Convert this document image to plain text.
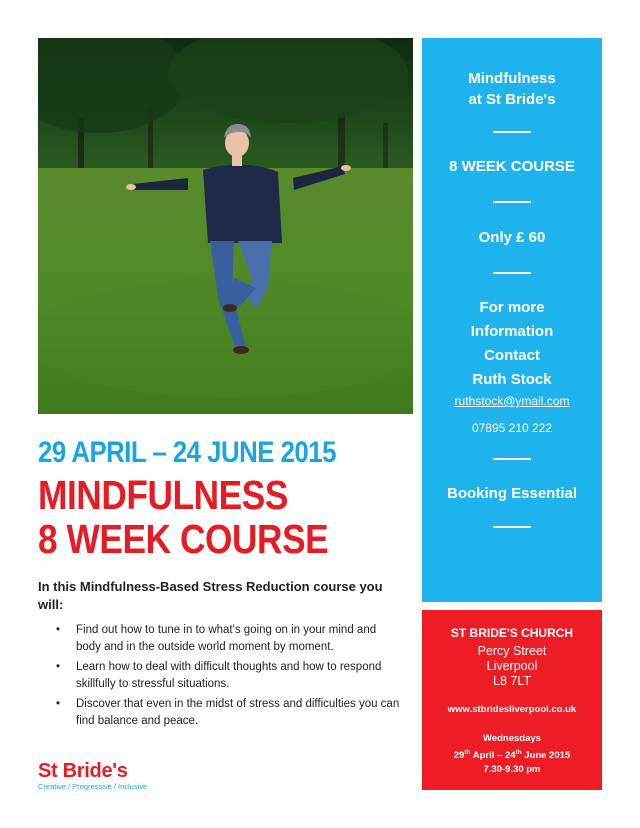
Mindfulness
at St Bride's
8 WEEK COURSE
Only £ 60
For more
Information
Contact
Ruth Stock
ruthstock@ymail.com
07895 210 222
Booking Essential
ST BRIDE'S CHURCH
Percy Street
Liverpool
L8 7LT
www.stbridesliverpool.co.uk
Wednesdays
29th April – 24th June 2015
7.30-9.30 pm
29 APRIL – 24 JUNE 2015
MINDFULNESS
8 WEEK COURSE
In this Mindfulness-Based Stress Reduction course you will:
• Find out how to tune in to what's going on in your mind and body and in the outside world moment by moment.
• Learn how to deal with difficult thoughts and how to respond skillfully to stressful situations.
• Discover that even in the midst of stress and difficulties you can find balance and peace.
St Bride's
Creative / Progressive / Inclusive
